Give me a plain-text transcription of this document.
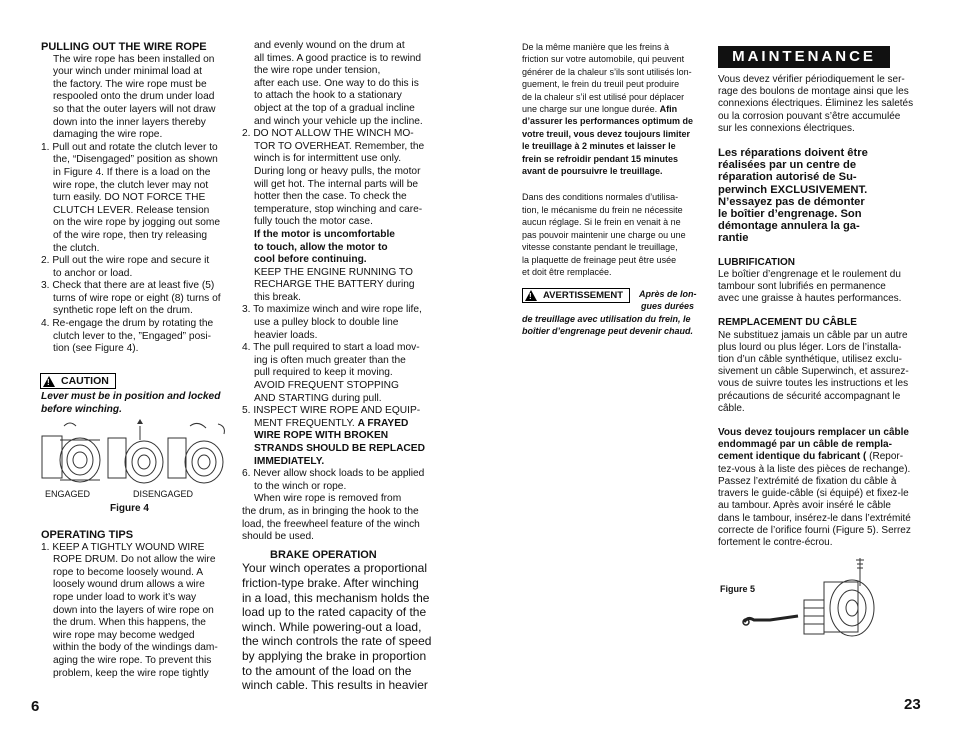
PULLING OUT THE WIRE ROPE

The wire rope has been installed on

your winch under minimal load at

the factory. The wire rope must be

respooled onto the drum under load

so that the outer layers will not draw

down into the inner layers thereby

damaging the wire rope.

1. Pull out and rotate the clutch lever to

the, “Disengaged” position as shown

in Figure 4. If there is a load on the

wire rope, the clutch lever may not

turn easily. DO NOT FORCE THE

CLUTCH LEVER. Release tension

on the wire rope by jogging out some

of the wire rope, then try releasing

the clutch.

2. Pull out the wire rope and secure it

to anchor or load.

3. Check that there are at least five (5)

turns of wire rope or eight (8) turns of

synthetic rope left on the drum.

4. Re-engage the drum by rotating the

clutch lever to the, ”Engaged” posi-

tion (see Figure 4).

! CAUTION

Lever must be in position and locked

before winching.

ENGAGED	DISENGAGED
Figure 4

OPERATING TIPS

1. KEEP A TIGHTLY WOUND WIRE

ROPE DRUM. Do not allow the wire

rope to become loosely wound. A

loosely wound drum allows a wire

rope under load to work it’s way

down into the layers of wire rope on

the drum. When this happens, the

wire rope may become wedged

within the body of the windings dam-

aging the wire rope. To prevent this

problem, keep the wire rope tightly

6

and evenly wound on the drum at

all times. A good practice is to rewind

the wire rope under tension,

after each use. One way to do this is

to attach the hook to a stationary

object at the top of a gradual incline

and winch your vehicle up the incline.

2. DO NOT ALLOW THE WINCH MO-

TOR TO OVERHEAT. Remember, the

winch is for intermittent use only.

During long or heavy pulls, the motor

will get hot. The internal parts will be

hotter then the case. To check the

temperature, stop winching and care-

fully touch the motor case.

If the motor is uncomfortable

to touch, allow the motor to

cool before continuing.

KEEP THE ENGINE RUNNING TO

RECHARGE THE BATTERY during

this break.

3. To maximize winch and wire rope life,

use a pulley block to double line

heavier loads.

4. The pull required to start a load mov-

ing is often much greater than the

pull required to keep it moving.

AVOID FREQUENT STOPPING

AND STARTING during pull.

5. INSPECT WIRE ROPE AND EQUIP-

MENT FREQUENTLY. A FRAYED

WIRE ROPE WITH BROKEN

STRANDS SHOULD BE REPLACED

IMMEDIATELY.

6. Never allow shock loads to be applied

to the winch or rope.

When wire rope is removed from

the drum, as in bringing the hook to the

load, the freewheel feature of the winch

should be used.

BRAKE OPERATION

Your winch operates a proportional

friction-type brake. After winching

in a load, this mechanism holds the

load up to the rated capacity of the

winch. While powering-out a load,

the winch controls the rate of speed

by applying the brake in proportion

to the amount of the load on the

winch cable. This results in heavier

De la même manière que les freins à

friction sur votre automobile, qui peuvent

générer de la chaleur s’ils sont utilisés lon-

guement, le frein du treuil peut produire

de la chaleur s’il est utilisé pour déplacer

une charge sur une longue durée. Afin

d’assurer les performances optimum de

votre treuil, vous devez toujours limiter

le treuillage à 2 minutes et laisser le

frein se refroidir pendant 15 minutes

avant de poursuivre le treuillage.

Dans des conditions normales d’utilisa-

tion, le mécanisme du frein ne nécessite

aucun réglage. Si le frein en venait à ne

pas pouvoir maintenir une charge ou une

vitesse constante pendant le treuillage,

la plaquette de freinage peut être usée

et doit être remplacée.

! AVERTISSEMENT Après de lon-

gues durées

de treuillage avec utilisation du frein, le

boîtier d’engrenage peut devenir chaud.

MAINTENANCE

Vous devez vérifier périodiquement le ser-

rage des boulons de montage ainsi que les

connexions électriques. Éliminez les saletés

ou la corrosion pouvant s’être accumulée

sur les connexions électriques.

Les réparations doivent être

réalisées par un centre de

réparation autorisé de Su-

perwinch EXCLUSIVEMENT.

N’essayez pas de démonter

le boîtier d’engrenage. Son

démontage annulera la ga-

rantie

LUBRIFICATION

Le boîtier d’engrenage et le roulement du

tambour sont lubrifiés en permanence

avec une graisse à hautes performances.

REMPLACEMENT DU CÂBLE

Ne substituez jamais un câble par un autre

plus lourd ou plus léger. Lors de l’installa-

tion d’un câble synthétique, utilisez exclu-

sivement un câble Superwinch, et assurez-

vous de suivre toutes les instructions et les

précautions de sécurité accompagnant le

câble.

Vous devez toujours remplacer un câble

endommagé par un câble de rempla-

cement identique du fabricant ( (Repor-

tez-vous à la liste des pièces de rechange).

Passez l’extrémité de fixation du câble à

travers le guide-câble (si équipé) et fixez-le

au tambour. Après avoir inséré le câble

dans le tambour, insérez-le dans l’extrémité

correcte de l’orifice fourni (Figure 5). Serrez

fortement le contre-écrou.

Figure 5
23
